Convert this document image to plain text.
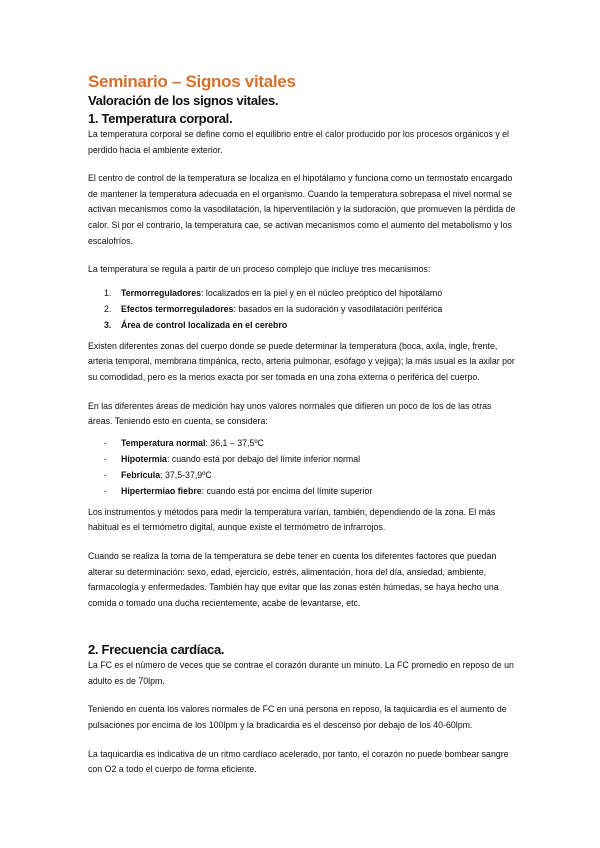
Seminario – Signos vitales
Valoración de los signos vitales.
1. Temperatura corporal.

La temperatura corporal se define como el equilibrio entre el calor producido por los procesos orgánicos y el perdido hacia el ambiente exterior.

El centro de control de la temperatura se localiza en el hipotálamo y funciona como un termostato encargado de mantener la temperatura adecuada en el organismo. Cuando la temperatura sobrepasa el nivel normal se activan mecanismos como la vasodilatación, la hiperventilación y la sudoración, que promueven la pérdida de calor. Si por el contrario, la temperatura cae, se activan mecanismos como el aumento del metabolismo y los escalofríos.

La temperatura se regula a partir de un proceso complejo que incluye tres mecanismos:

1.	Termorreguladores: localizados en la piel y en el núcleo preóptico del hipotálamo
2.	Efectos termorreguladores: basados en la sudoración y vasodilatación periférica
3.	Área de control localizada en el cerebro

Existen diferentes zonas del cuerpo donde se puede determinar la temperatura (boca, axila, ingle, frente, arteria temporal, membrana timpánica, recto, arteria pulmonar, esófago y vejiga); la más usual es la axilar por su comodidad, pero es la menos exacta por ser tomada en una zona externa o periférica del cuerpo.

En las diferentes áreas de medición hay unos valores normales que difieren un poco de los de las otras áreas. Teniendo esto en cuenta, se considera:

-	Temperatura normal: 36,1 – 37,5ºC
-	Hipotermia: cuando está por debajo del límite inferior normal
-	Febrícula: 37,5-37,9ºC
-	Hipertermiao fiebre: cuando está por encima del límite superior

Los instrumentos y métodos para medir la temperatura varían, también, dependiendo de la zona. El más habitual es el termómetro digital, aunque existe el termómetro de infrarrojos.

Cuando se realiza la toma de la temperatura se debe tener en cuenta los diferentes factores que puedan alterar su determinación: sexo, edad, ejercicio, estrés, alimentación, hora del día, ansiedad, ambiente, farmacología y enfermedades. También hay que evitar que las zonas estén húmedas, se haya hecho una comida o tomado una ducha recientemente, acabe de levantarse, etc.

2. Frecuencia cardíaca.

La FC es el número de veces que se contrae el corazón durante un minuto. La FC promedio en reposo de un adulto es de 70lpm.

Teniendo en cuenta los valores normales de FC en una persona en reposo, la taquicardia es el aumento de pulsaciones por encima de los 100lpm y la bradicardia es el descenso por debajo de los 40-60lpm.

La taquicardia es indicativa de un ritmo cardíaco acelerado, por tanto, el corazón no puede bombear sangre con O2 a todo el cuerpo de forma eficiente.
